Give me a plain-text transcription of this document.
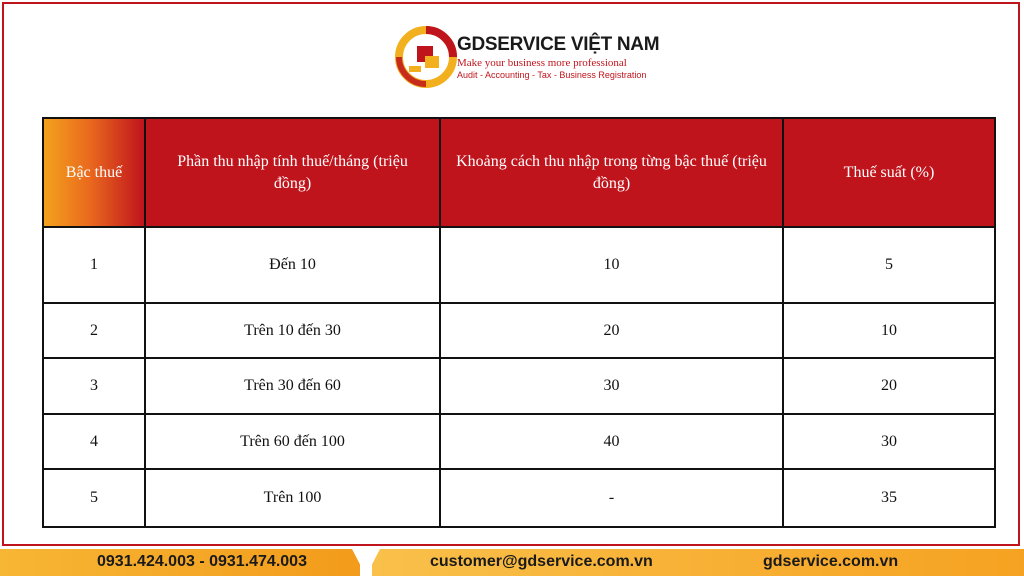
GDSERVICE VIỆT NAM
Make your business more professional
Audit - Accounting - Tax - Business Registration
Bậc thuế	Phần thu nhập tính thuế/tháng (triệu đồng)	Khoảng cách thu nhập trong từng bậc thuế (triệu đồng)	Thuế suất (%)
1	Đến 10	10	5
2	Trên 10 đến 30	20	10
3	Trên 30 đến 60	30	20
4	Trên 60 đến 100	40	30
5	Trên 100	-	35
0931.424.003 - 0931.474.003	customer@gdservice.com.vn	gdservice.com.vn
